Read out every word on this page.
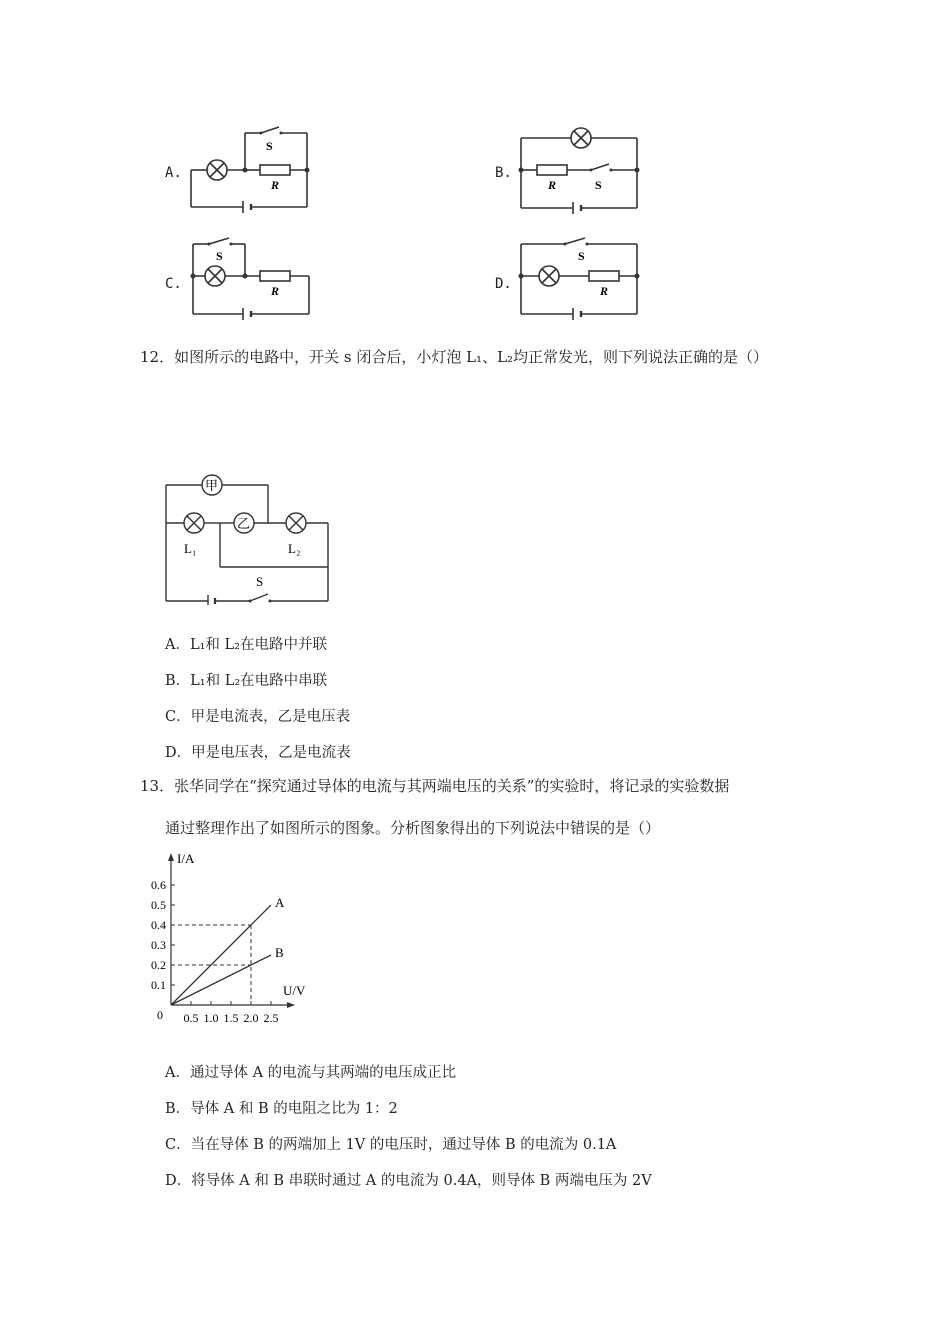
A.
S
R
B.
R	S
C.
S
R	D.
S
R
12．如图所示的电路中，开关 s 闭合后，小灯泡 L₁、L₂均正常发光，则下列说法正确的是（）
甲
乙
L₁	L₂
S
A．L₁和 L₂在电路中并联
B．L₁和 L₂在电路中串联
C．甲是电流表，乙是电压表
D．甲是电压表，乙是电流表
13．张华同学在“探究通过导体的电流与其两端电压的关系”的实验时，将记录的实验数据
通过整理作出了如图所示的图象。分析图象得出的下列说法中错误的是（）
I/A
U/V
0 0.5 1.0 1.5 2.0 2.5
0.1
0.2
0.3
0.4
0.5
0.6
A
B
A．通过导体 A 的电流与其两端的电压成正比
B．导体 A 和 B 的电阻之比为 1：2
C．当在导体 B 的两端加上 1V 的电压时，通过导体 B 的电流为 0.1A
D．将导体 A 和 B 串联时通过 A 的电流为 0.4A，则导体 B 两端电压为 2V
